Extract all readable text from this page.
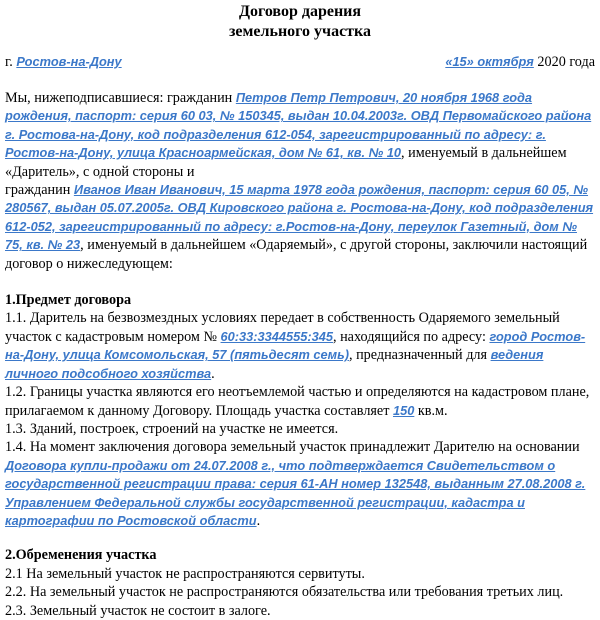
Договор дарения
земельного участка
г. Ростов-на-Дону	«15» октября 2020 года

Мы, нижеподписавшиеся: гражданин Петров Петр Петрович, 20 ноября 1968 года рождения, паспорт: серия 60 03, № 150345, выдан 10.04.2003г. ОВД Первомайского района г. Ростова-на-Дону, код подразделения 612-054, зарегистрированный по адресу: г. Ростов-на-Дону, улица Красноармейская, дом № 61, кв. № 10, именуемый в дальнейшем «Даритель», с одной стороны и

гражданин Иванов Иван Иванович, 15 марта 1978 года рождения, паспорт: серия 60 05, № 280567, выдан 05.07.2005г. ОВД Кировского района г. Ростова-на-Дону, код подразделения 612-052, зарегистрированный по адресу: г.Ростов-на-Дону, переулок Газетный, дом № 75, кв. № 23, именуемый в дальнейшем «Одаряемый», с другой стороны, заключили настоящий договор о нижеследующем:

1.Предмет договора

1.1. Даритель на безвозмездных условиях передает в собственность Одаряемого земельный участок с кадастровым номером № 60:33:3344555:345, находящийся по адресу: город Ростов-на-Дону, улица Комсомольская, 57 (пятьдесят семь), предназначенный для ведения личного подсобного хозяйства.

1.2. Границы участка являются его неотъемлемой частью и определяются на кадастровом плане, прилагаемом к данному Договору. Площадь участка составляет 150 кв.м.

1.3. Зданий, построек, строений на участке не имеется.

1.4. На момент заключения договора земельный участок принадлежит Дарителю на основании Договора купли-продажи от 24.07.2008 г., что подтверждается Свидетельством о государственной регистрации права: серия 61-АН номер 132548, выданным 27.08.2008 г. Управлением Федеральной службы государственной регистрации, кадастра и картографии по Ростовской области.

2.Обременения участка

2.1 На земельный участок не распространяются сервитуты.

2.2. На земельный участок не распространяются обязательства или требования третьих лиц.

2.3. Земельный участок не состоит в залоге.
